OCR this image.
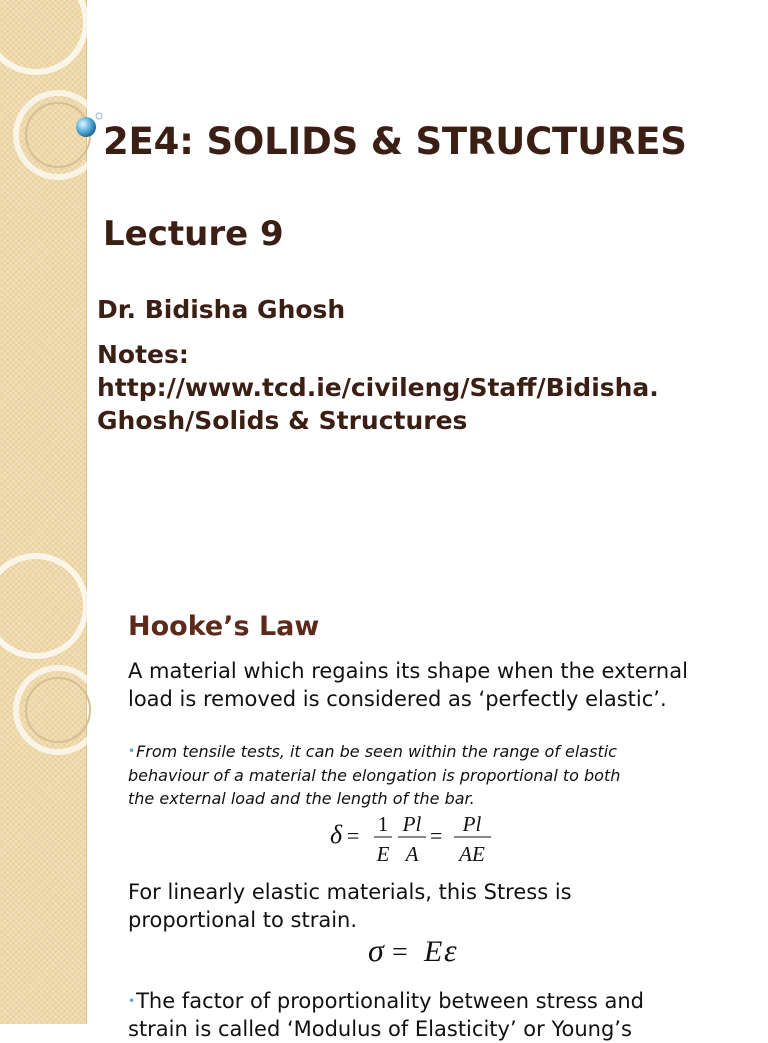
2E4: SOLIDS & STRUCTURES
Lecture 9
Dr. Bidisha Ghosh
Notes:
http://www.tcd.ie/civileng/Staff/Bidisha.
Ghosh/Solids & Structures
Hooke’s Law
A material which regains its shape when the external
load is removed is considered as ‘perfectly elastic’.
•From tensile tests, it can be seen within the range of elastic
behaviour of a material the elongation is proportional to both
the external load and the length of the bar.
δ = 1
E
Pl
A
= Pl
AE
For linearly elastic materials, this Stress is
proportional to strain.
σ = E ε
•The factor of proportionality between stress and
strain is called ‘Modulus of Elasticity’ or Young’s
